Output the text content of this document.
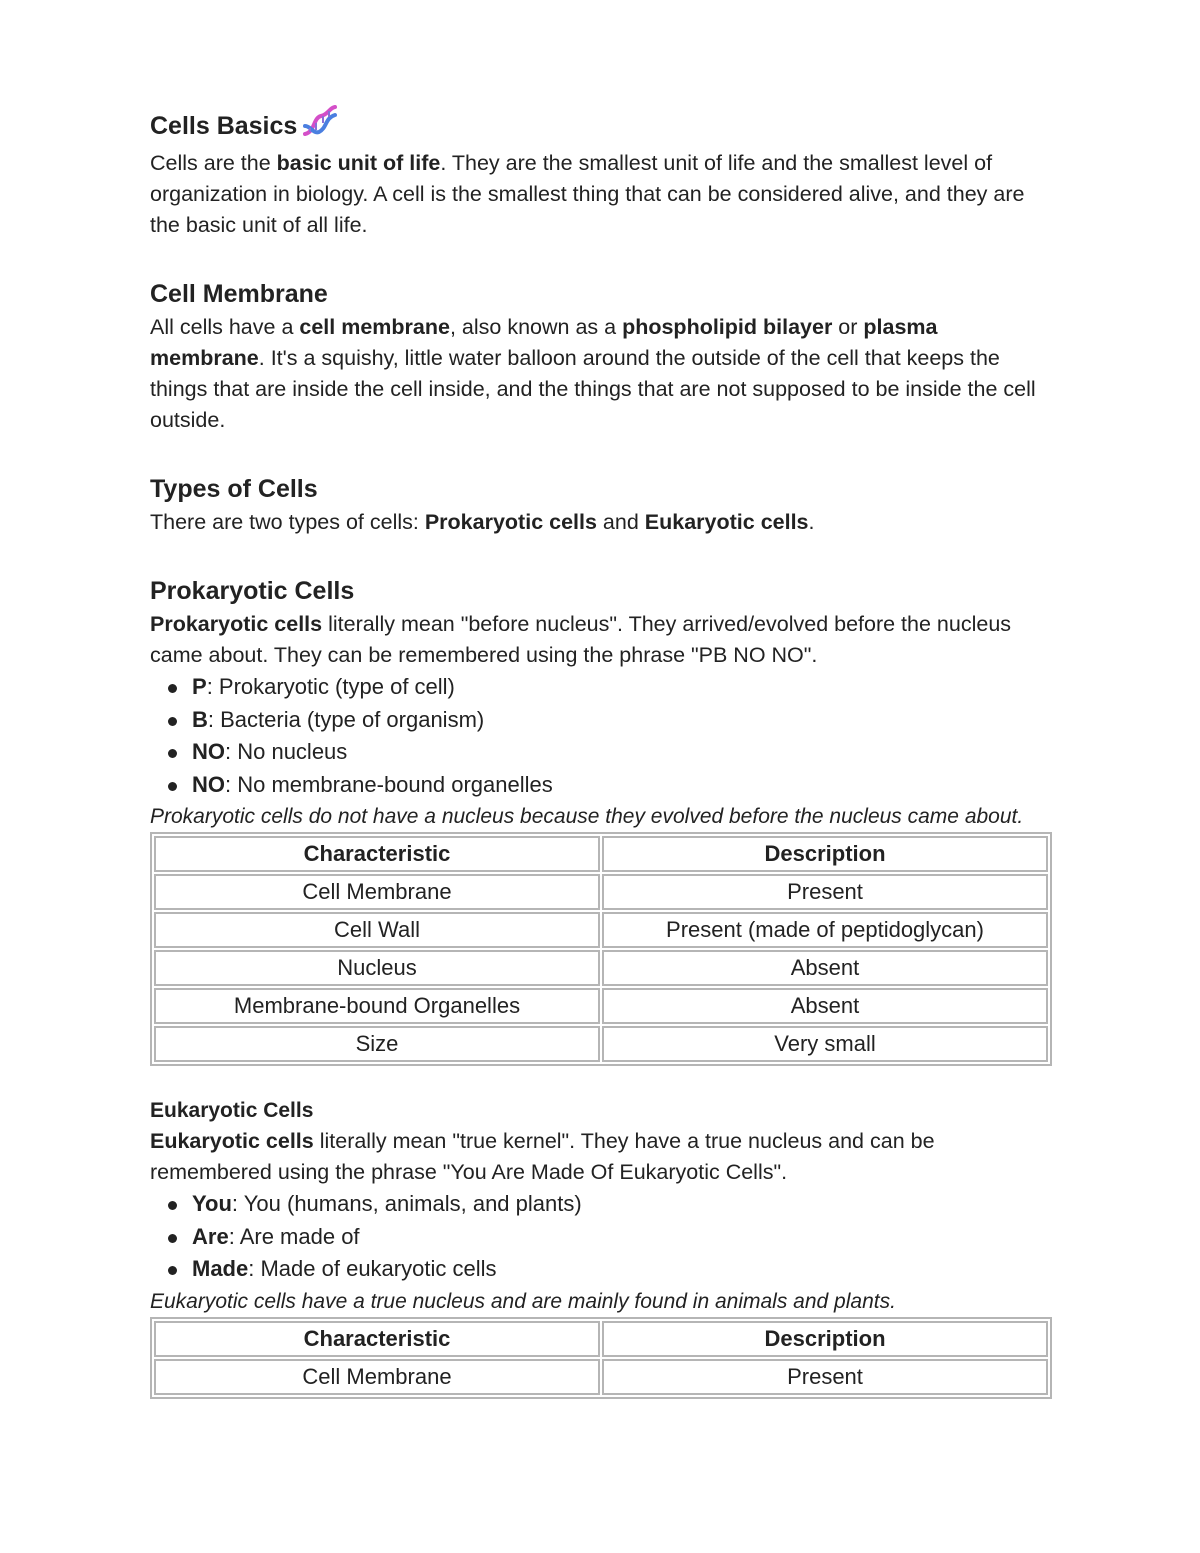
Cells Basics

Cells are the basic unit of life. They are the smallest unit of life and the smallest level of organization in biology. A cell is the smallest thing that can be considered alive, and they are the basic unit of all life.

Cell Membrane

All cells have a cell membrane, also known as a phospholipid bilayer or plasma membrane. It's a squishy, little water balloon around the outside of the cell that keeps the things that are inside the cell inside, and the things that are not supposed to be inside the cell outside.

Types of Cells

There are two types of cells: Prokaryotic cells and Eukaryotic cells.

Prokaryotic Cells

Prokaryotic cells literally mean "before nucleus". They arrived/evolved before the nucleus came about. They can be remembered using the phrase "PB NO NO".

P: Prokaryotic (type of cell)
B: Bacteria (type of organism)
NO: No nucleus
NO: No membrane-bound organelles

Prokaryotic cells do not have a nucleus because they evolved before the nucleus came about.

Characteristic	Description
Cell Membrane	Present
Cell Wall	Present (made of peptidoglycan)
Nucleus	Absent
Membrane-bound Organelles	Absent
Size	Very small
Eukaryotic Cells

Eukaryotic cells literally mean "true kernel". They have a true nucleus and can be remembered using the phrase "You Are Made Of Eukaryotic Cells".

You: You (humans, animals, and plants)
Are: Are made of
Made: Made of eukaryotic cells

Eukaryotic cells have a true nucleus and are mainly found in animals and plants.

Characteristic	Description
Cell Membrane	Present
